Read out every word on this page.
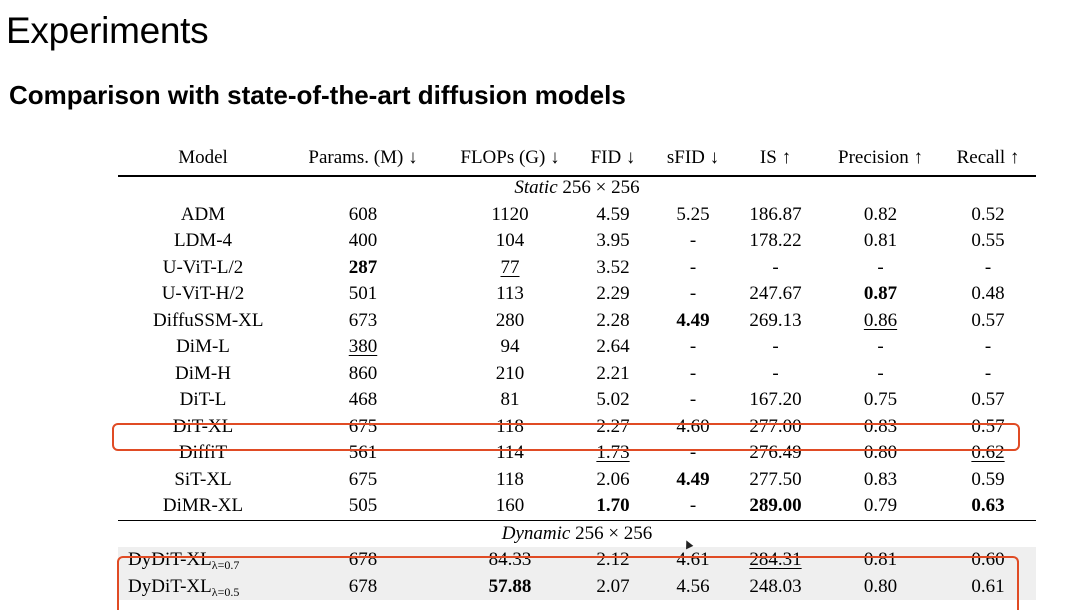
Experiments
Comparison with state-of-the-art diffusion models
Model	Params. (M) ↓	FLOPs (G) ↓	FID ↓	sFID ↓	IS ↑	Precision ↑	Recall ↑
Static 256 × 256
ADM	608	1120	4.59	5.25	186.87	0.82	0.52
LDM-4	400	104	3.95	-	178.22	0.81	0.55
U-ViT-L/2	287	77	3.52	-	-	-	-
U-ViT-H/2	501	113	2.29	-	247.67	0.87	0.48
DiffuSSM-XL	673	280	2.28	4.49	269.13	0.86	0.57
DiM-L	380	94	2.64	-	-	-	-
DiM-H	860	210	2.21	-	-	-	-
DiT-L	468	81	5.02	-	167.20	0.75	0.57
DiT-XL	675	118	2.27	4.60	277.00	0.83	0.57
DiffiT	561	114	1.73	-	276.49	0.80	0.62
SiT-XL	675	118	2.06	4.49	277.50	0.83	0.59
DiMR-XL	505	160	1.70	-	289.00	0.79	0.63
Dynamic 256 × 256
DyDiT-$XL_{\lambda=0.7}$	678	84.33	2.12	4.61	284.31	0.81	0.60
DyDiT-$XL_{\lambda=0.5}$	678	57.88	2.07	4.56	248.03	0.80	0.61
